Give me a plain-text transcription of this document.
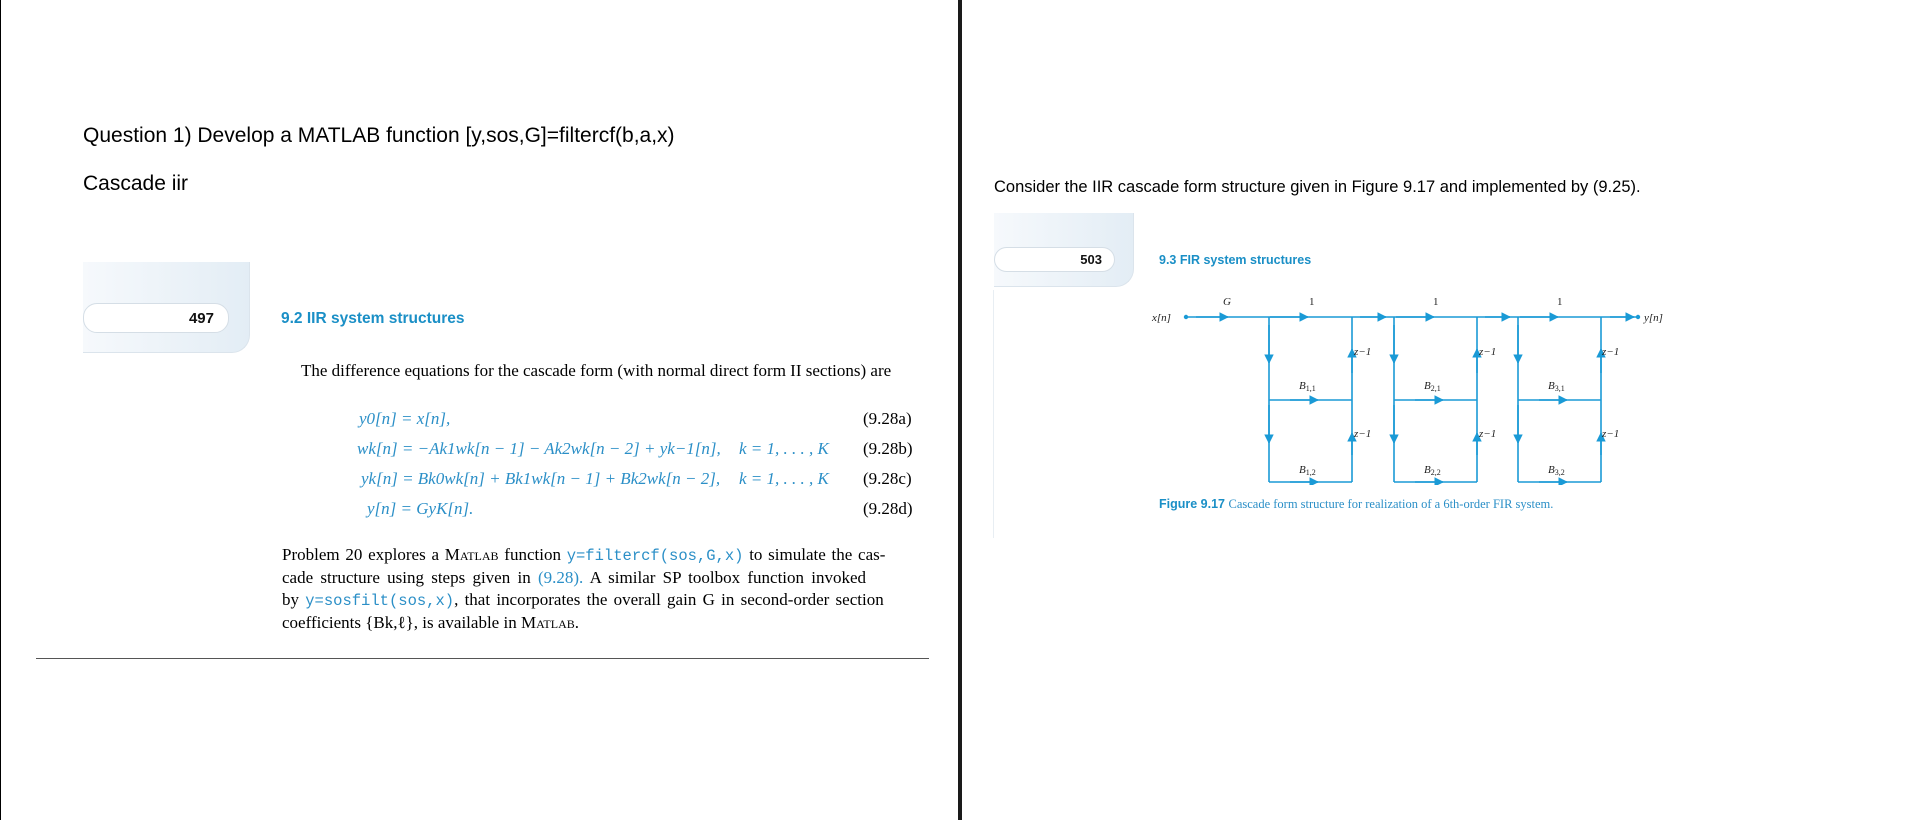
Question 1) Develop a MATLAB function [y,sos,G]=filtercf(b,a,x)
Cascade iir
497	9.2 IIR system structures
The difference equations for the cascade form (with normal direct form II sections) are
y0[n] = x[n],	(9.28a)
wk[n] = −Ak1wk[n − 1] − Ak2wk[n − 2] + yk−1[n], k = 1, . . . , K (9.28b)
yk[n] = Bk0wk[n] + Bk1wk[n − 1] + Bk2wk[n − 2], k = 1, . . . , K (9.28c)
y[n] = GyK[n].	(9.28d)
Problem 20 explores a Matlab function y=filtercf(sos,G,x) to simulate the cas-
cade structure using steps given in (9.28). A similar SP toolbox function invoked
by y=sosfilt(sos,x), that incorporates the overall gain G in second-order section
coefficients {Bk,ℓ}, is available in Matlab.
Consider the IIR cascade form structure given in Figure 9.17 and implemented by (9.25).
503	9.3 FIR system structures
x[n]	y[n]
G	1	1	1
z−1
z−1
z−1
z−1
z−1
z−1
B1,1
B1,2
B2,1
B2,2
B3,1
B3,2
Figure 9.17 Cascade form structure for realization of a 6th-order FIR system.
